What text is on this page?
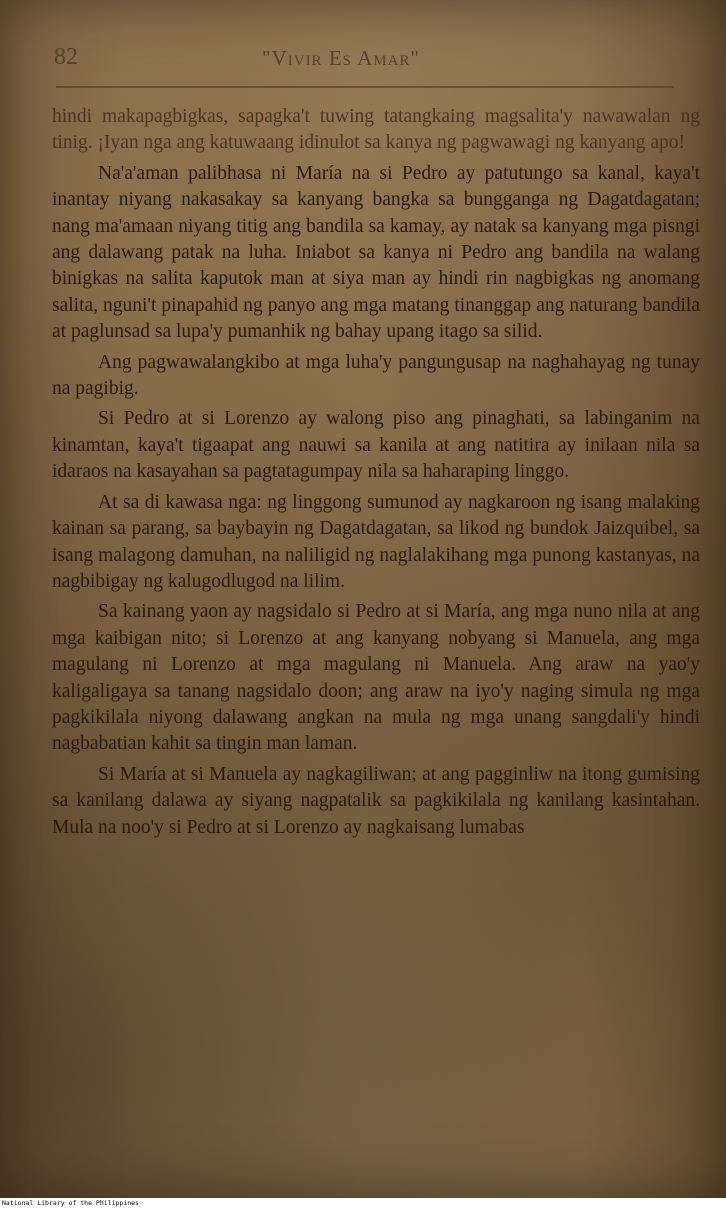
82	"Vivir Es Amar"

hindi makapagbigkas, sapagka't tuwing tatangkaing magsalita'y nawawalan ng tinig. ¡Iyan nga ang katuwaang idinulot sa kanya ng pagwawagi ng kanyang apo!

Na'a'aman palibhasa ni María na si Pedro ay patutungo sa kanal, kaya't inantay niyang nakasakay sa kanyang bangka sa bungganga ng Dagatdagatan; nang ma'amaan niyang titig ang bandila sa kamay, ay natak sa kanyang mga pisngi ang dalawang patak na luha. Iniabot sa kanya ni Pedro ang bandila na walang binigkas na salita kaputok man at siya man ay hindi rin nagbigkas ng anomang salita, nguni't pinapahid ng panyo ang mga matang tinanggap ang naturang bandila at paglunsad sa lupa'y pumanhik ng bahay upang itago sa silid.

Ang pagwawalangkibo at mga luha'y pangungusap na naghahayag ng tunay na pagibig.

Si Pedro at si Lorenzo ay walong piso ang pinaghati, sa labinganim na kinamtan, kaya't tigaapat ang nauwi sa kanila at ang natitira ay inilaan nila sa idaraos na kasayahan sa pagtatagumpay nila sa haharaping linggo.

At sa di kawasa nga: ng linggong sumunod ay nagkaroon ng isang malaking kainan sa parang, sa baybayin ng Dagatdagatan, sa likod ng bundok Jaizquibel, sa isang malagong damuhan, na naliligid ng naglalakihang mga punong kastanyas, na nagbibigay ng kalugodlugod na lilim.

Sa kainang yaon ay nagsidalo si Pedro at si María, ang mga nuno nila at ang mga kaibigan nito; si Lorenzo at ang kanyang nobyang si Manuela, ang mga magulang ni Lorenzo at mga magulang ni Manuela. Ang araw na yao'y kaligaligaya sa tanang nagsidalo doon; ang araw na iyo'y naging simula ng mga pagkikilala niyong dalawang angkan na mula ng mga unang sangdali'y hindi nagbabatian kahit sa tingin man laman.

Si María at si Manuela ay nagkagiliwan; at ang pagginliw na itong gumising sa kanilang dalawa ay siyang nagpatalik sa pagkikilala ng kanilang kasintahan. Mula na noo'y si Pedro at si Lorenzo ay nagkaisang lumabas

National Library of the Philippines
